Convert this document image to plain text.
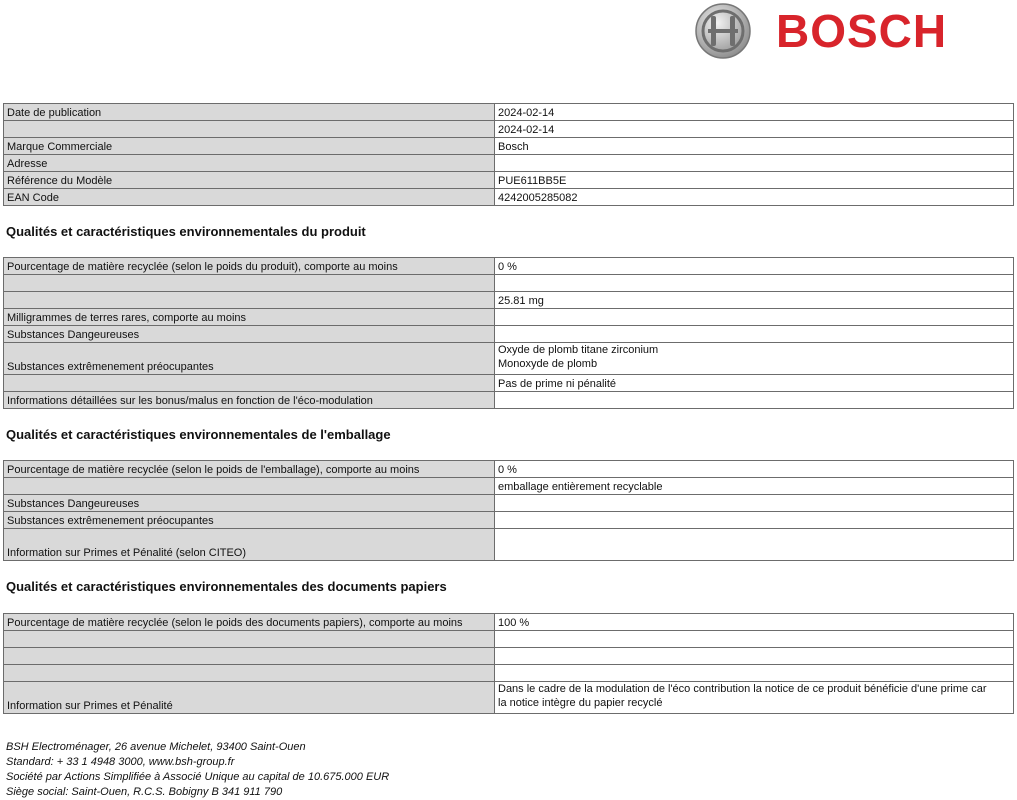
BOSCH
Date de publication	2024-02-14
	2024-02-14
Marque Commerciale	Bosch
Adresse	
Référence du Modèle	PUE611BB5E
EAN Code	4242005285082
Qualités et caractéristiques environnementales du produit
Pourcentage de matière recyclée (selon le poids du produit), comporte au moins	0 %

	25.81 mg
Milligrammes de terres rares, comporte au moins	
Substances Dangeureuses	
Substances extrêmenement préocupantes	Oxyde de plomb titane zirconium
Monoxyde de plomb

	Pas de prime ni pénalité
Informations détaillées sur les bonus/malus en fonction de l'éco-modulation	
Qualités et caractéristiques environnementales de l'emballage
Pourcentage de matière recyclée (selon le poids de l'emballage), comporte au moins	0 %
	emballage entièrement recyclable
Substances Dangeureuses	
Substances extrêmenement préocupantes	
Information sur Primes et Pénalité (selon CITEO)	
Qualités et caractéristiques environnementales des documents papiers
Pourcentage de matière recyclée (selon le poids des documents papiers), comporte au moins	100 %

Information sur Primes et Pénalité	Dans le cadre de la modulation de l'éco contribution la notice de ce produit bénéficie d'une prime car
la notice intègre du papier recyclé
BSH Electroménager, 26 avenue Michelet, 93400 Saint-Ouen
Standard: + 33 1 4948 3000, www.bsh-group.fr
Société par Actions Simplifiée à Associé Unique au capital de 10.675.000 EUR
Siège social: Saint-Ouen, R.C.S. Bobigny B 341 911 790
